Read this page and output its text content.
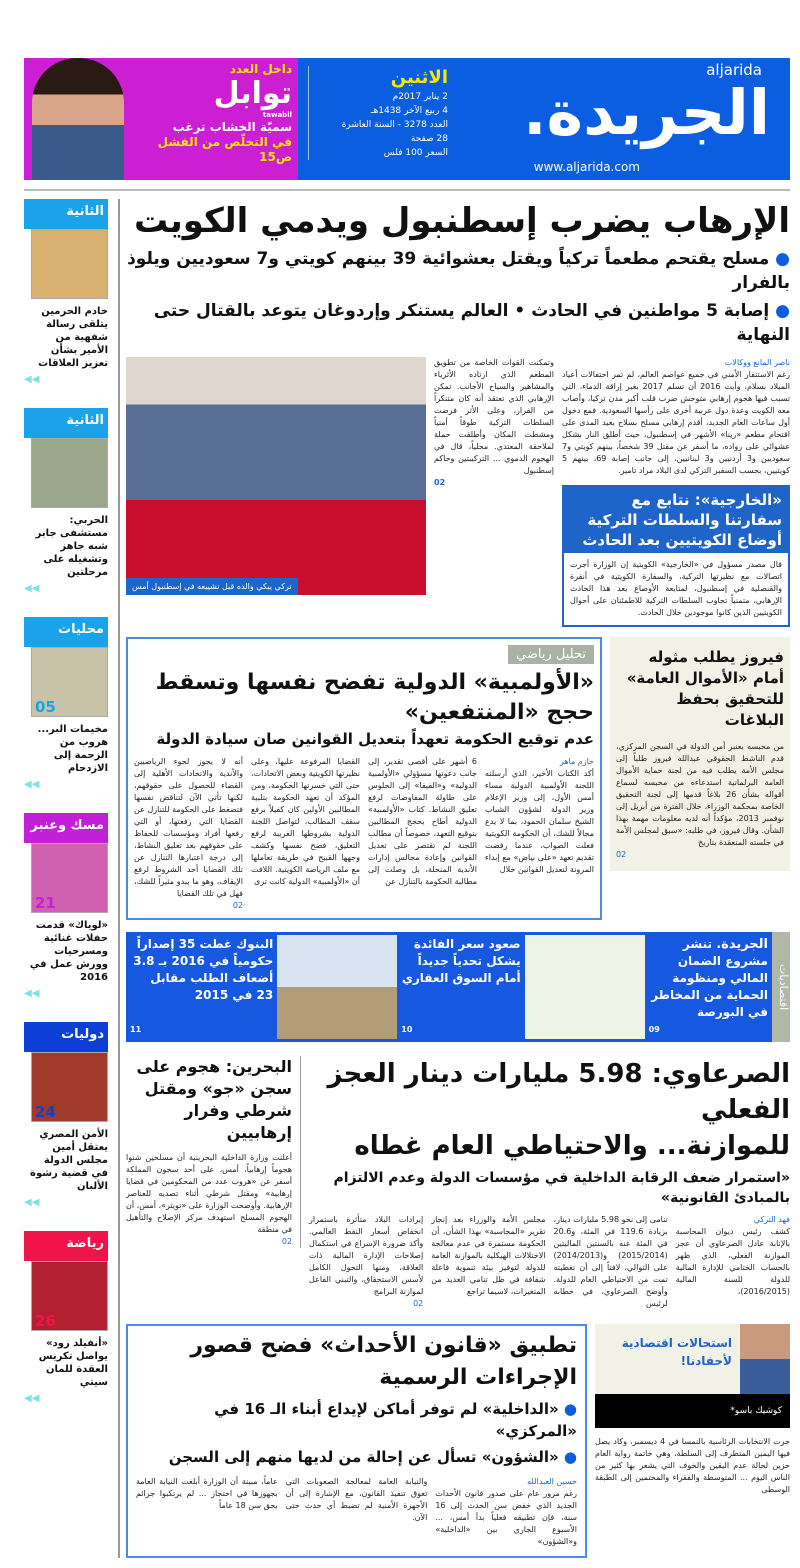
داخل العدد
توابل
tawabil
سميّة الخشاب ترغب
في التخلّص من الفشل ص15
aljarida
الجريدة.
www.aljarida.com
الاثنين
2 يناير 2017م
4 ربيع الآخر 1438هـ
العدد 3278 - السنة العاشرة
28 صفحة
السعر 100 فلس
الإرهاب يضرب إسطنبول ويدمي الكويت
● مسلح يقتحم مطعماً تركياً ويقتل بعشوائية 39 بينهم كويتي و7 سعوديين ويلوذ بالفرار
● إصابة 5 مواطنين في الحادث • العالم يستنكر وإردوغان يتوعد بالقتال حتى النهاية
ناصر المانع ووكالات
رغم الاستنفار الأمني في جميع عواصم العالم، لم تمر احتفالات أعياد الميلاد بسلام، وأبت 2016 أن تسلم 2017 بغير إراقة الدماء، التي تسبب فيها هجوم إرهابي متوحش ضرب قلب أكبر مدن تركيا، وأصاب معه الكويت وعدة دول عربية أخرى على رأسها السعودية. فمع دخول أول ساعات العام الجديد، أقدم إرهابي مسلح بسلاح بعيد المدى على اقتحام مطعم «رينا» الأشهر في إسطنبول، حيث أطلق النار بشكل عشوائي على رواده، ما أسفر عن مقتل 39 شخصاً، بينهم كويتي و7 سعوديين و3 أردنيين و3 لبنانيين، إلى جانب إصابة 69، بينهم 5 كويتيين، بحسب السفير التركي لدى البلاد مراد تامير.
«الخارجية»: نتابع مع سفارتنا والسلطات التركية أوضاع الكويتيين بعد الحادث
قال مصدر مسؤول في «الخارجية» الكويتية إن الوزارة أجرت اتصالات مع نظيرتها التركية، والسفارة الكويتية في أنقرة والقنصلية في إسطنبول، لمتابعة الأوضاع بعد هذا الحادث الإرهابي، متمنياً تجاوب السلطات التركية للاطمئنان على أحوال الكويتيين الذين كانوا موجودين خلال الحادث.
وتمكنت القوات الخاصة من تطويق المطعم الذي ارتاده الأثرياء والمشاهير والسياح الأجانب. تمكن الإرهابي الذي تعتقد أنه كان متنكراً من الفرار، وعلى الأثر فرضت السلطات التركية طوقاً أمنياً ومشطت المكان وأطلقت حملة لملاحقة المعتدي. محلياً، قال في الهجوم الدموي ... التركيبتين وحاكم إسطنبول
02
تركي يبكي والده قبل تشييعه في إسطنبول أمس
فيروز يطلب مثوله أمام «الأموال العامة» للتحقيق بحفظ البلاغات
من محبسه بعنبر أمن الدولة في السجن المركزي، قدم الناشط الحقوقي عبدالله فيروز طلباً إلى مجلس الأمة يطلب فيه من لجنة حماية الأموال العامة البرلمانية استدعاءه من محبسه لسماع أقواله بشأن 26 بلاغاً قدمها إلى لجنة التحقيق الخاصة بمحكمة الوزراء، خلال الفترة من أبريل إلى نوفمبر 2013، مؤكداً أنه لديه معلومات مهمة بهذا الشأن. وقال فيروز، في طلبه: «سبق لمجلس الأمة في جلسته المنعقدة بتاريخ
02
تحليل رياضي
«الأولمبية» الدولية تفضح نفسها وتسقط حجج «المنتفعين»
عدم توقيع الحكومة تعهداً بتعديل القوانين صان سيادة الدولة
حازم ماهر
أكد الكتاب الأخير، الذي أرسلته اللجنة الأولمبية الدولية مساء أمس الأول، إلى وزير الإعلام وزير الدولة لشؤون الشباب الشيخ سلمان الحمود، بما لا يدع مجالاً للشك، أن الحكومة الكويتية فعلت الصواب، عندما رفضت تقديم تعهد «على بياض» مع إبداء المرونة لتعديل القوانين خلال
6 أشهر على أقصى تقدير، إلى جانب دعوتها مسؤولي «الأولمبية الدولية» و«الفيفا» إلى الجلوس على طاولة المفاوضات لرفع تعليق النشاط. كتاب «الأولمبية» الدولية أطاح بحجج المطالبين بتوقيع التعهد، خصوصاً أن مطالب اللجنة لم تقتصر على تعديل القوانين وإعادة مجالس إدارات الأندية المنحلة، بل وصلت إلى مطالبة الحكومة بالتنازل عن
القضايا المرفوعة عليها، وعلى نظيرتها الكويتية وبعض الاتحادات، حتى التي خسرتها الحكومة، ومن المؤكد أن تعهد الحكومة بتلبية المطالبين الأولين كان كفيلاً برفع سقف المطالب، لتواصل اللجنة الدولية بشروطها الغريبة لرفع التعليق، فضح نفسها وكشف وجهها القبيح في طريقة تعاملها مع ملف الرياضة الكويتية. اللافت أن «الأولمبية» الدولية كانت ترى
أنه لا يجوز لجوء الرياضيين والأندية والاتحادات الأهلية إلى القضاء للحصول على حقوقهم، لكنها تأتي الآن لتناقض نفسها فتضغط على الحكومة للتنازل عن القضايا التي رفعتها، أو التي رفعها أفراد ومؤسسات للحفاظ على حقوقهم بعد تعليق النشاط، إلى درجة اعتبارها التنازل عن تلك القضايا أحد الشروط لرفع الإيقاف، وهو ما يبدو مثيراً للشك، فهل في تلك القضايا
02
اقتصاديات
الجريدة. تنشر مشروع الضمان المالي ومنظومة الحماية من المخاطر في البورصة
09
صعود سعر الفائدة يشكل تحدياً جديداً أمام السوق العقاري
10
البنوك غطت 35 إصداراً حكومياً في 2016 بـ 3.8 أضعاف الطلب مقابل 23 في 2015
11
الصرعاوي: 5.98 مليارات دينار العجز الفعلي
للموازنة... والاحتياطي العام غطاه
«استمرار ضعف الرقابة الداخلية في مؤسسات الدولة وعدم الالتزام بالمبادئ القانونية»
فهد التركي
كشف رئيس ديوان المحاسبة بالإنابة عادل الصرعاوي أن عجز الموازنة الفعلي، الذي ظهر بالحساب الختامي للإدارة المالية للدولة للسنة المالية (2016/2015)،
تنامى إلى نحو 5.98 مليارات دينار، بزيادة 119.6 في المئة، و20.6 في المئة عنه بالسنتين الماليتين (2015/2014) و(2014/2013) على التوالي، لافتاً إلى أن تغطيته تمت من الاحتياطي العام للدولة. وأوضح الصرعاوي، في خطابه لرئيس
مجلس الأمة والوزراء بعد إنجاز تقرير «المحاسبة» بهذا الشأن، أن الحكومة مستمرة في عدم معالجة الاختلالات الهيكلية بالموازنة العامة للدولة لتوفير بيئة تنموية فاعلة شفافة في ظل تنامي العديد من المتغيرات، لاسيما تراجع
إيرادات البلاد متأثرة باستمرار انخفاض أسعار النفط العالمي. وأكد ضرورة الإسراع في استكمال إصلاحات الإدارة المالية ذات العلاقة، ومنها التحول الكامل لأسس الاستحقاق، والتبني الفاعل لموازنة البرامج
02
البحرين: هجوم على سجن «جو» ومقتل شرطي وفرار إرهابيين
أعلنت وزارة الداخلية البحرينية أن مسلحين شنوا هجوماً إرهابياً، أمس، على أحد سجون المملكة أسفر عن «هروب عدد من المحكومين في قضايا إرهابية» ومقتل شرطي أثناء تصديه للعناصر الإرهابية. وأوضحت الوزارة على «تويتر»، أمس، أن الهجوم المسلح استهدف مركز الإصلاح والتأهيل في منطقة
02
استحالات اقتصادية لأحفادنا!
كوشيك باسو*
جرت الانتخابات الرئاسية بالنمسا في 4 ديسمبر، وكاد يصل فيها اليمين المتطرف إلى السلطة، وهي خاتمة رواية العام حزين لحالة عدم اليقين والخوف التي يشعر بها كثير من الناس اليوم ... المتوسطة والفقراء والمحتمين إلى الطبقة الوسطى
تطبيق «قانون الأحداث» فضح قصور الإجراءات الرسمية
● «الداخلية» لم توفر أماكن لإيداع أبناء الـ 16 في «المركزي»
● «الشؤون» تسأل عن إحالة من لديها منهم إلى السجن
حسين العبدالله
رغم مرور عام على صدور قانون الأحداث الجديد الذي خفض سن الحدث إلى 16 سنة، فإن تطبيقه فعلياً بدأ أمس، ... الأسبوع الجاري بين «الداخلية» و«الشؤون»
والنيابة العامة لمعالجة الصعوبات التي تعوق تنفيذ القانون، مع الإشارة إلى أن الأجهزة الأمنية لم تضبط أي حدث حتى الآن.
عاماً، مبينة أن الوزارة أبلغت النيابة العامة بجهوزها في احتجاز ... لم يرتكبوا جرائم بحق سن 18 عاماً
الثانية

خادم الحرمين يتلقى رسالة شفهية من الأمير بشأن تعزيز العلاقات

◀◀
الثانية

الحربي: مستشفى جابر شبه جاهز وتشغيله على مرحلتين

◀◀
محليات
05

مخيمات البر... هروب من الزحمة إلى الازدحام

◀◀
مسك وعنبر
21

«لوياك» قدمت حفلات غنائية ومسرحيات وورش عمل في 2016

◀◀
دوليات
24

الأمن المصري يعتقل أمين مجلس الدولة في قضية رشوة الألبان

◀◀
رياضة
26

«أنفيلد رود» يواصل تكريس العقدة للمان سيتي

◀◀
